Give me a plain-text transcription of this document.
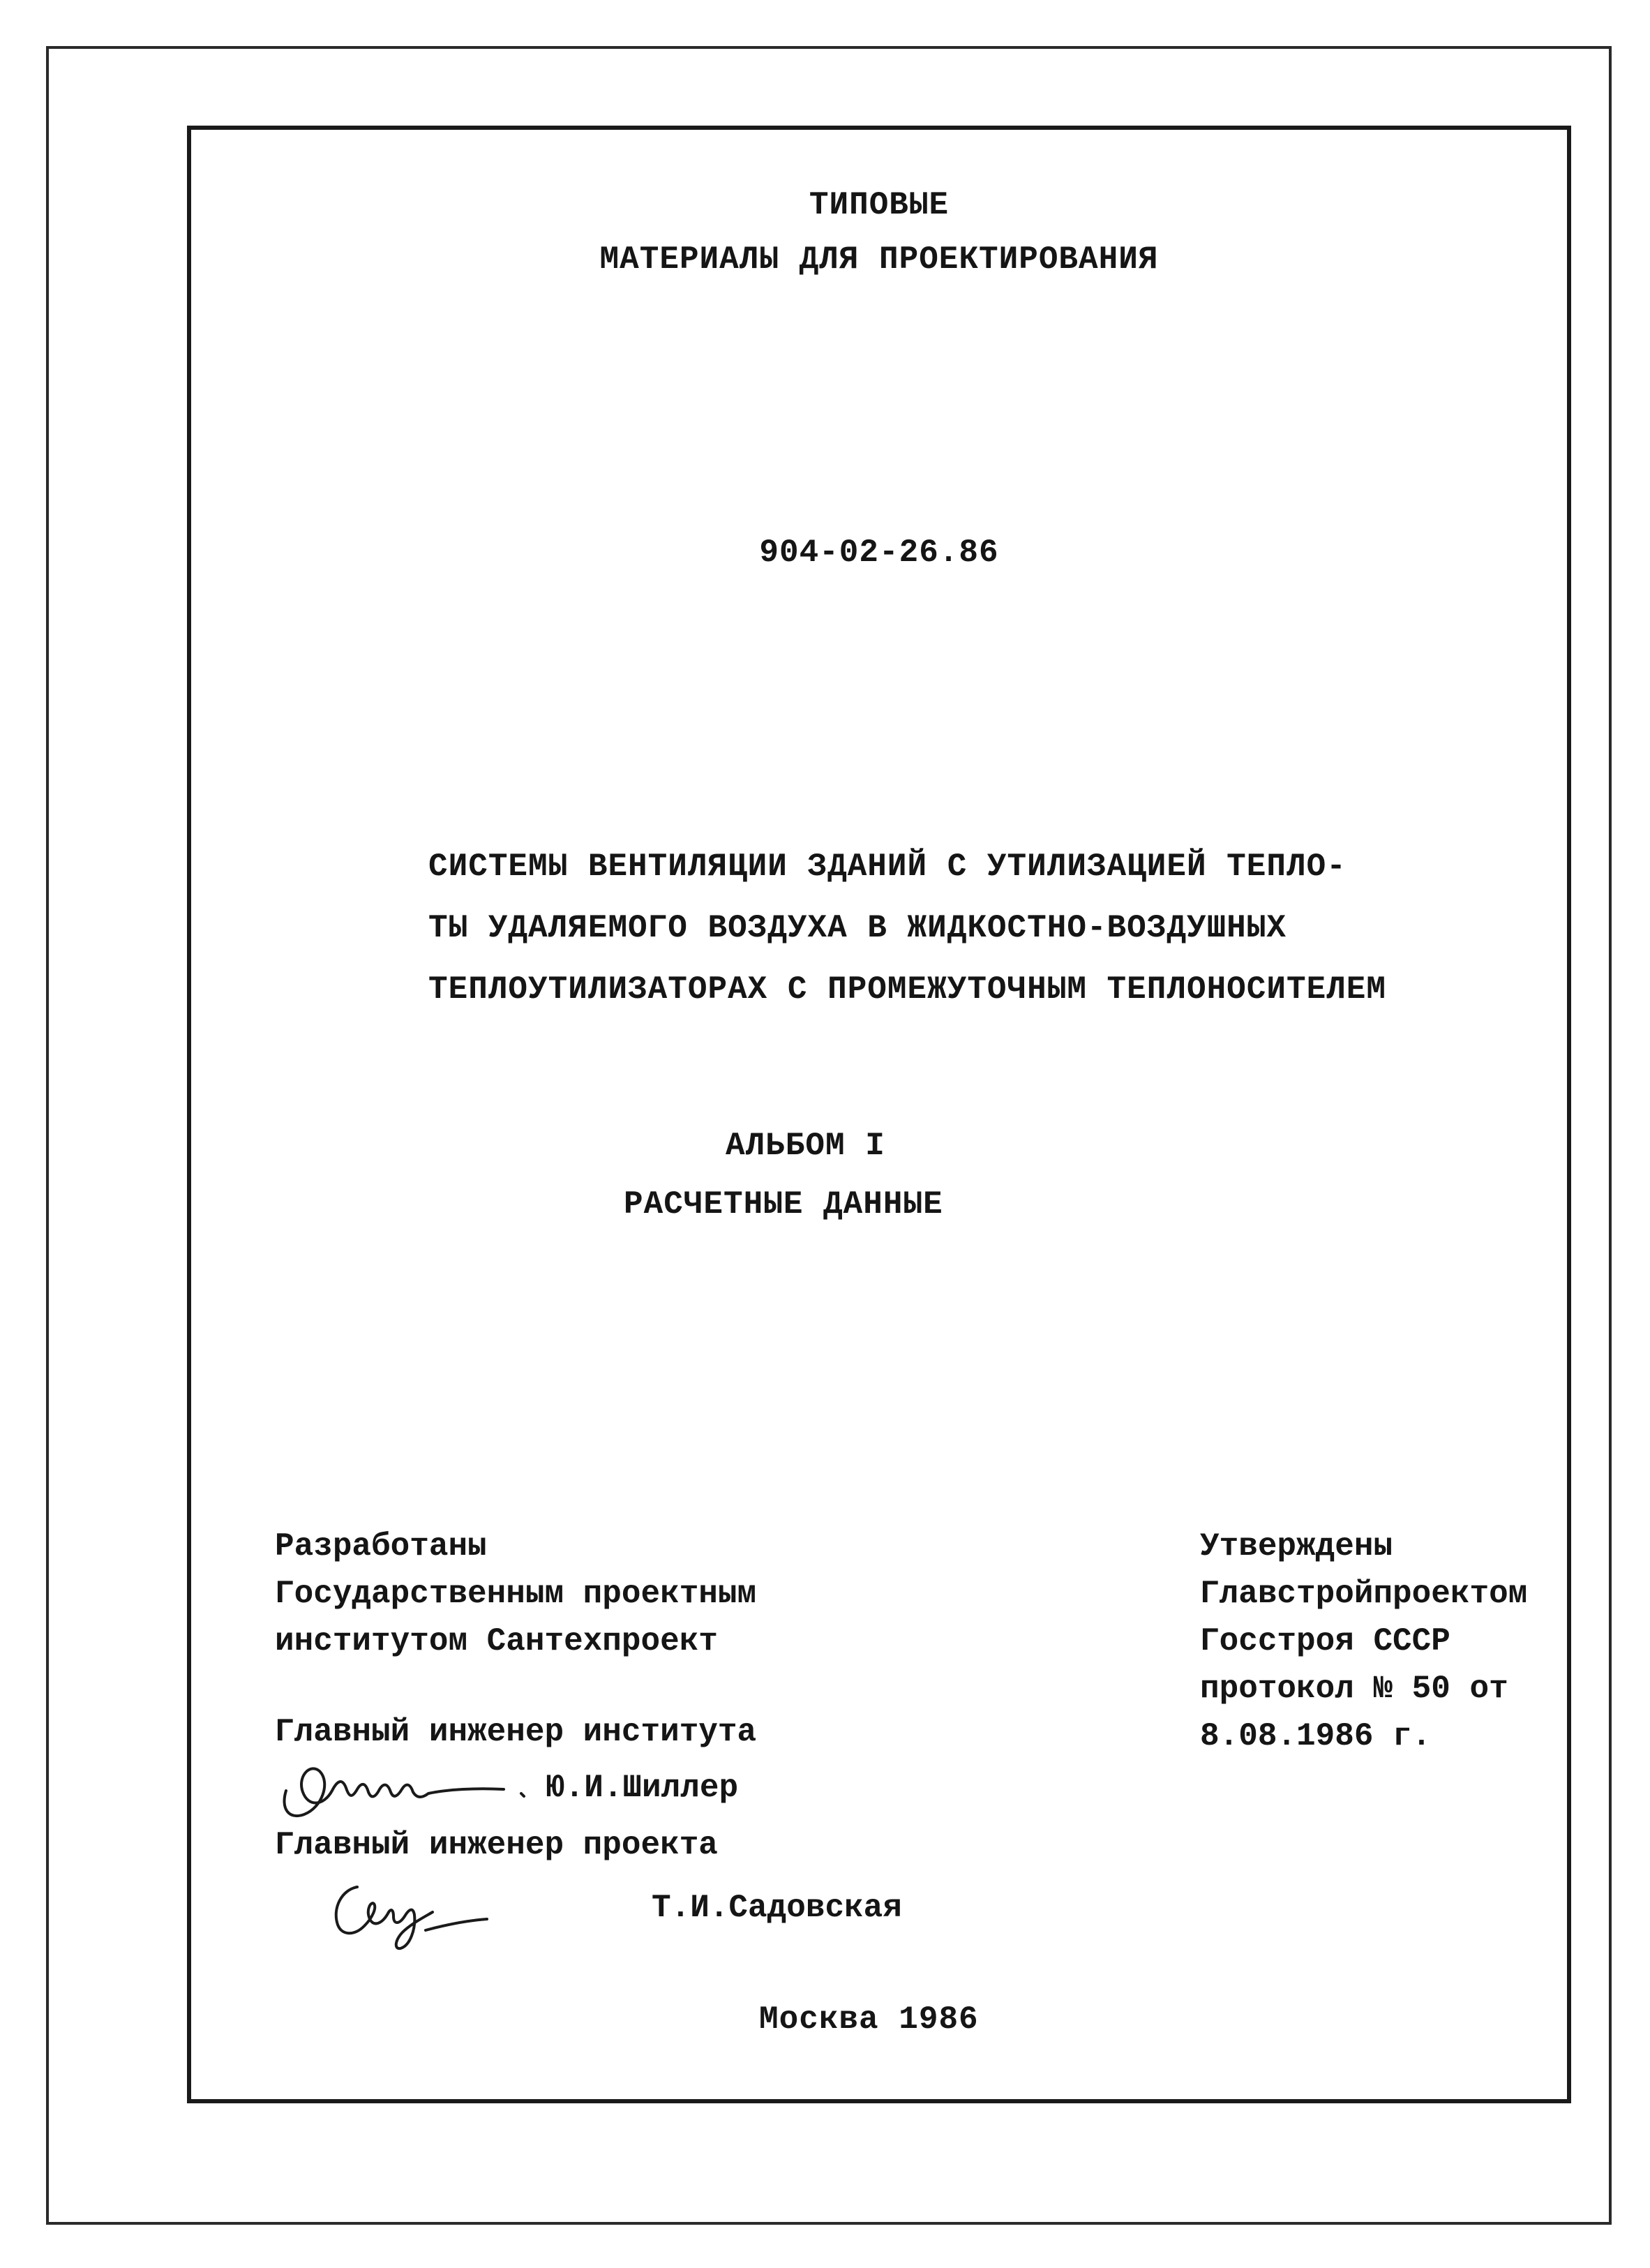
ТИПОВЫЕ
МАТЕРИАЛЫ ДЛЯ ПРОЕКТИРОВАНИЯ
904-02-26.86
СИСТЕМЫ ВЕНТИЛЯЦИИ ЗДАНИЙ С УТИЛИЗАЦИЕЙ ТЕПЛО-
ТЫ УДАЛЯЕМОГО ВОЗДУХА В ЖИДКОСТНО-ВОЗДУШНЫХ
ТЕПЛОУТИЛИЗАТОРАХ С ПРОМЕЖУТОЧНЫМ ТЕПЛОНОСИТЕЛЕМ
АЛЬБОМ I
РАСЧЕТНЫЕ ДАННЫЕ
Разработаны
Государственным проектным
институтом Сантехпроект
Главный инженер института
Ю.И.Шиллер
Главный инженер проекта
Т.И.Садовская
Утверждены
Главстройпроектом
Госстроя СССР
протокол № 50 от
8.08.1986 г.
Москва 1986
